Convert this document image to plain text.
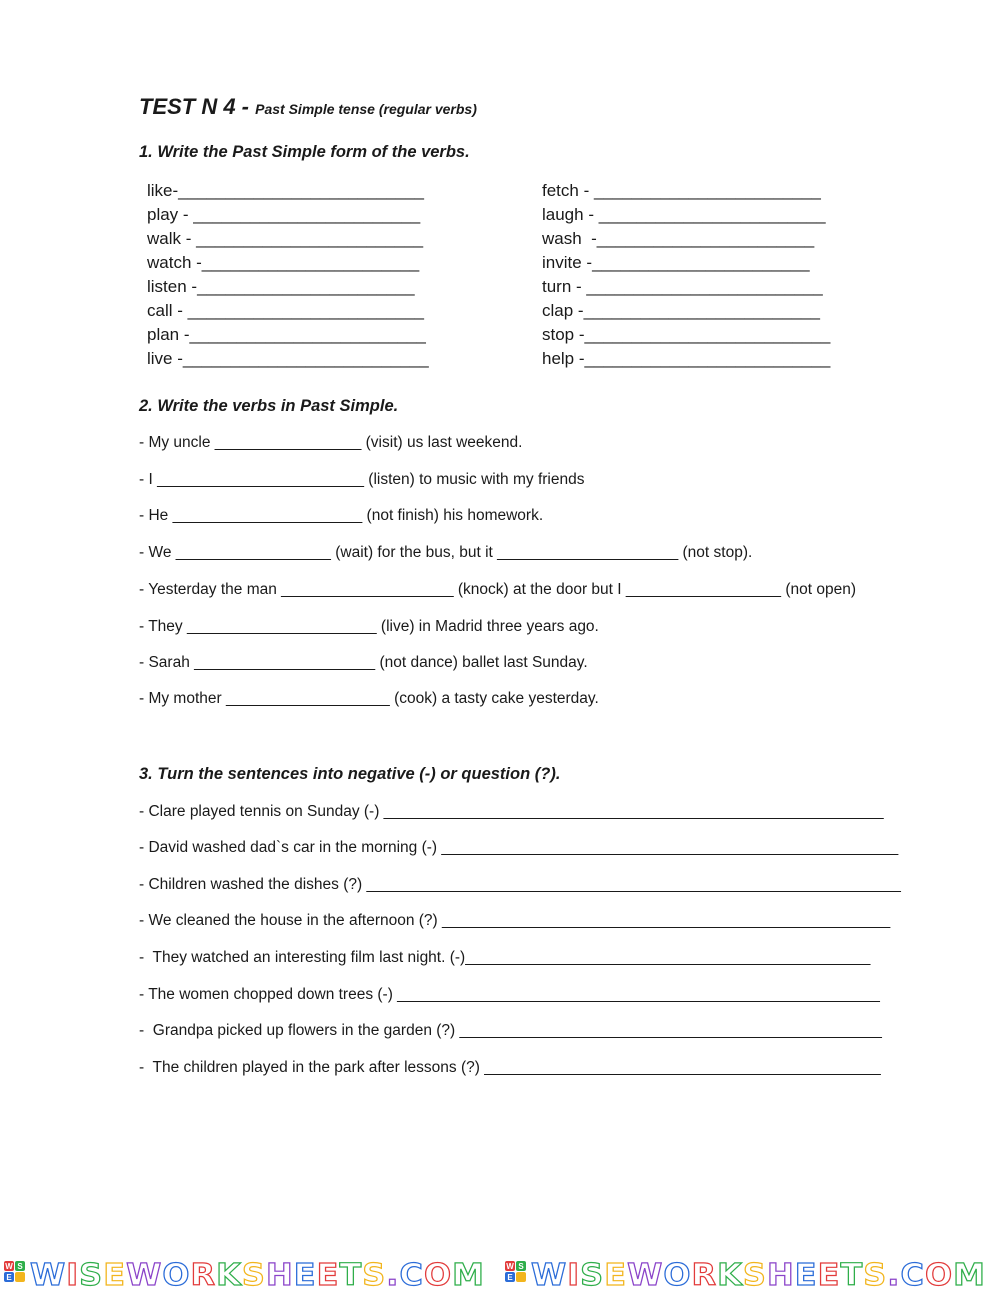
TEST N 4 - Past Simple tense (regular verbs)
1. Write the Past Simple form of the verbs.
like-__________________________
play - ________________________
walk - ________________________
watch -_______________________
listen -_______________________
call - _________________________
plan -_________________________
live -__________________________
fetch - ________________________
laugh - ________________________
wash  -_______________________
invite -_______________________
turn - _________________________
clap -_________________________
stop -__________________________
help -__________________________
2. Write the verbs in Past Simple.
- My uncle _________________ (visit) us last weekend.
- I ________________________ (listen) to music with my friends
- He ______________________ (not finish) his homework.
- We __________________ (wait) for the bus, but it _____________________ (not stop).
- Yesterday the man ____________________ (knock) at the door but I __________________ (not open)
- They ______________________ (live) in Madrid three years ago.
- Sarah _____________________ (not dance) ballet last Sunday.
- My mother ___________________ (cook) a tasty cake yesterday.
3. Turn the sentences into negative (-) or question (?).
- Clare played tennis on Sunday (-) __________________________________________________________
- David washed dad`s car in the morning (-) _____________________________________________________
- Children washed the dishes (?) ______________________________________________________________
- We cleaned the house in the afternoon (?) ____________________________________________________
-  They watched an interesting film last night. (-)_______________________________________________
- The women chopped down trees (-) ________________________________________________________
-  Grandpa picked up flowers in the garden (?) _________________________________________________
-  The children played in the park after lessons (?) ______________________________________________
W S
E WISEWORKSHEETS.COM	W S
E WISEWORKSHEETS.COM
